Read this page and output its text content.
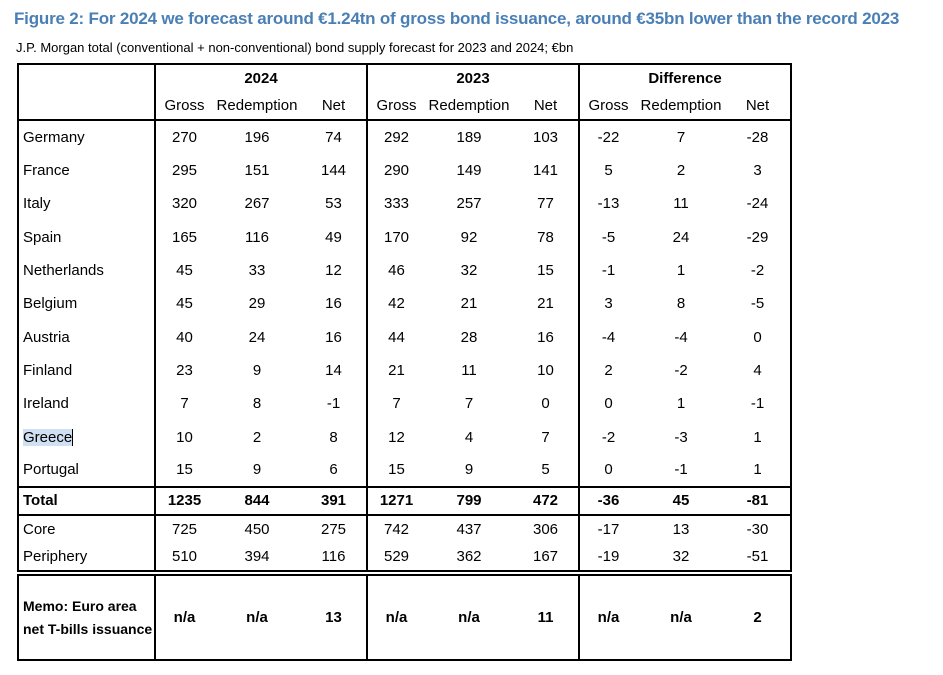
Figure 2: For 2024 we forecast around €1.24tn of gross bond issuance, around €35bn lower than the record 2023
J.P. Morgan total (conventional + non-conventional) bond supply forecast for 2023 and 2024; €bn
	2024			2023			Difference		
	Gross	Redemption	Net	Gross	Redemption	Net	Gross	Redemption	Net
Germany	270	196	74	292	189	103	-22	7	-28
France	295	151	144	290	149	141	5	2	3
Italy	320	267	53	333	257	77	-13	11	-24
Spain	165	116	49	170	92	78	-5	24	-29
Netherlands	45	33	12	46	32	15	-1	1	-2
Belgium	45	29	16	42	21	21	3	8	-5
Austria	40	24	16	44	28	16	-4	-4	0
Finland	23	9	14	21	11	10	2	-2	4
Ireland	7	8	-1	7	7	0	0	1	-1
Greece	10	2	8	12	4	7	-2	-3	1
Portugal	15	9	6	15	9	5	0	-1	1
Total	1235	844	391	1271	799	472	-36	45	-81
Core	725	450	275	742	437	306	-17	13	-30
Periphery	510	394	116	529	362	167	-19	32	-51
Memo: Euro area net T-bills issuance	n/a	n/a	13	n/a	n/a	11	n/a	n/a	2
